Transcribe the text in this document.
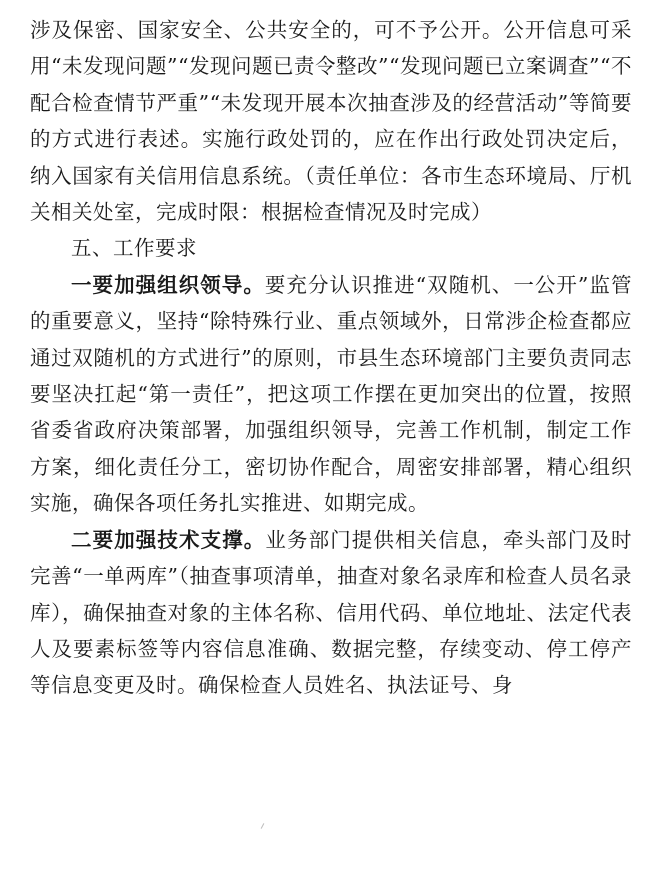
涉及保密、国家安全、公共安全的，可不予公开。公开信息可采用“未发现问题”“发现问题已责令整改”“发现问题已立案调查”“不配合检查情节严重”“未发现开展本次抽查涉及的经营活动”等简要的方式进行表述。实施行政处罚的，应在作出行政处罚决定后，纳入国家有关信用信息系统。（责任单位：各市生态环境局、厅机关相关处室，完成时限：根据检查情况及时完成）

五、工作要求

一要加强组织领导。要充分认识推进“双随机、一公开”监管的重要意义，坚持“除特殊行业、重点领域外，日常涉企检查都应通过双随机的方式进行”的原则，市县生态环境部门主要负责同志要坚决扛起“第一责任”，把这项工作摆在更加突出的位置，按照省委省政府决策部署，加强组织领导，完善工作机制，制定工作方案，细化责任分工，密切协作配合，周密安排部署，精心组织实施，确保各项任务扎实推进、如期完成。

二要加强技术支撑。业务部门提供相关信息，牵头部门及时完善“一单两库”（抽查事项清单，抽查对象名录库和检查人员名录库），确保抽查对象的主体名称、信用代码、单位地址、法定代表人及要素标签等内容信息准确、数据完整，存续变动、停工停产等信息变更及时。确保检查人员姓名、执法证号、身
